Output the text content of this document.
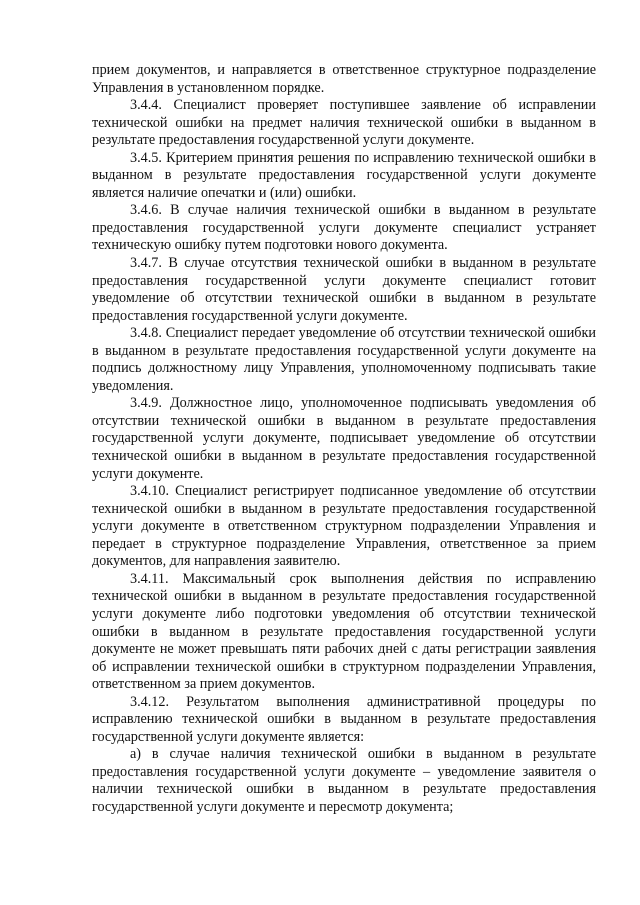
прием документов, и направляется в ответственное структурное подразделение Управления в установленном порядке.

3.4.4. Специалист проверяет поступившее заявление об исправлении технической ошибки на предмет наличия технической ошибки в выданном в результате предоставления государственной услуги документе.

3.4.5. Критерием принятия решения по исправлению технической ошибки в выданном в результате предоставления государственной услуги документе является наличие опечатки и (или) ошибки.

3.4.6. В случае наличия технической ошибки в выданном в результате предоставления государственной услуги документе специалист устраняет техническую ошибку путем подготовки нового документа.

3.4.7. В случае отсутствия технической ошибки в выданном в результате предоставления государственной услуги документе специалист готовит уведомление об отсутствии технической ошибки в выданном в результате предоставления государственной услуги документе.

3.4.8. Специалист передает уведомление об отсутствии технической ошибки в выданном в результате предоставления государственной услуги документе на подпись должностному лицу Управления, уполномоченному подписывать такие уведомления.

3.4.9. Должностное лицо, уполномоченное подписывать уведомления об отсутствии технической ошибки в выданном в результате предоставления государственной услуги документе, подписывает уведомление об отсутствии технической ошибки в выданном в результате предоставления государственной услуги документе.

3.4.10. Специалист регистрирует подписанное уведомление об отсутствии технической ошибки в выданном в результате предоставления государственной услуги документе в ответственном структурном подразделении Управления и передает в структурное подразделение Управления, ответственное за прием документов, для направления заявителю.

3.4.11. Максимальный срок выполнения действия по исправлению технической ошибки в выданном в результате предоставления государственной услуги документе либо подготовки уведомления об отсутствии технической ошибки в выданном в результате предоставления государственной услуги документе не может превышать пяти рабочих дней с даты регистрации заявления об исправлении технической ошибки в структурном подразделении Управления, ответственном за прием документов.

3.4.12. Результатом выполнения административной процедуры по исправлению технической ошибки в выданном в результате предоставления государственной услуги документе является:

а) в случае наличия технической ошибки в выданном в результате предоставления государственной услуги документе – уведомление заявителя о наличии технической ошибки в выданном в результате предоставления государственной услуги документе и пересмотр документа;
